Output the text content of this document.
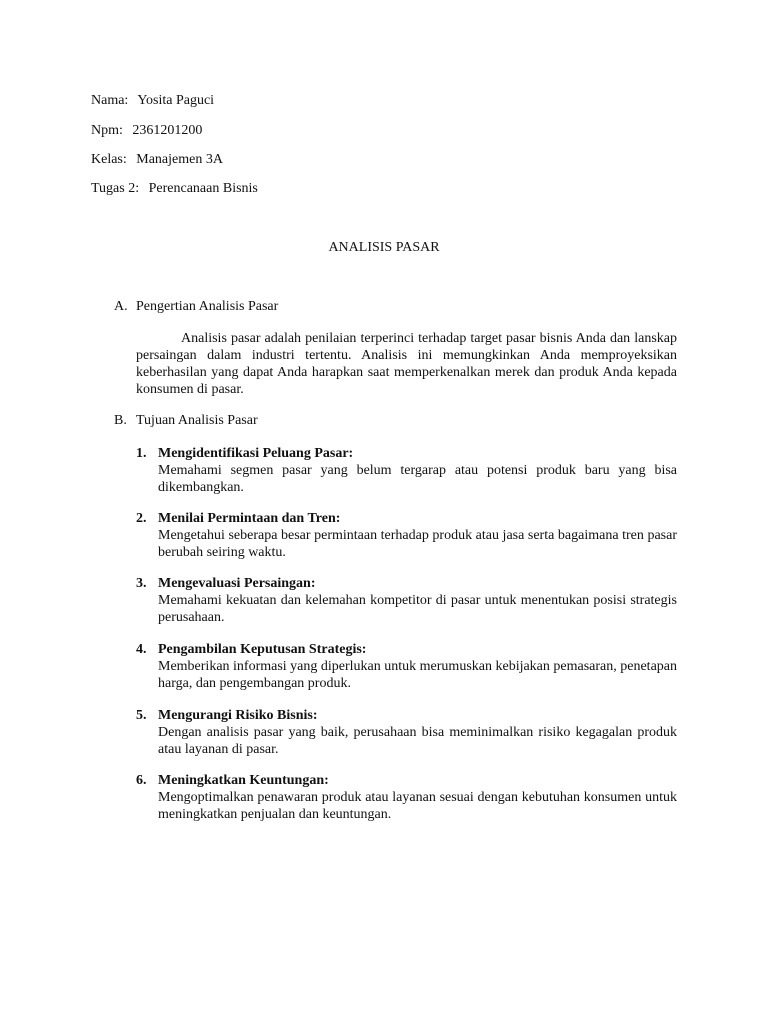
Nama: Yosita Paguci
Npm: 2361201200
Kelas: Manajemen 3A
Tugas 2: Perencanaan Bisnis
ANALISIS PASAR
A. Pengertian Analisis Pasar
Analisis pasar adalah penilaian terperinci terhadap target pasar bisnis Anda dan lanskap persaingan dalam industri tertentu. Analisis ini memungkinkan Anda memproyeksikan keberhasilan yang dapat Anda harapkan saat memperkenalkan merek dan produk Anda kepada konsumen di pasar.
B. Tujuan Analisis Pasar
1. Mengidentifikasi Peluang Pasar:
Memahami segmen pasar yang belum tergarap atau potensi produk baru yang bisa dikembangkan.
2. Menilai Permintaan dan Tren:
Mengetahui seberapa besar permintaan terhadap produk atau jasa serta bagaimana tren pasar berubah seiring waktu.
3. Mengevaluasi Persaingan:
Memahami kekuatan dan kelemahan kompetitor di pasar untuk menentukan posisi strategis perusahaan.
4. Pengambilan Keputusan Strategis:
Memberikan informasi yang diperlukan untuk merumuskan kebijakan pemasaran, penetapan harga, dan pengembangan produk.
5. Mengurangi Risiko Bisnis:
Dengan analisis pasar yang baik, perusahaan bisa meminimalkan risiko kegagalan produk atau layanan di pasar.
6. Meningkatkan Keuntungan:
Mengoptimalkan penawaran produk atau layanan sesuai dengan kebutuhan konsumen untuk meningkatkan penjualan dan keuntungan.
